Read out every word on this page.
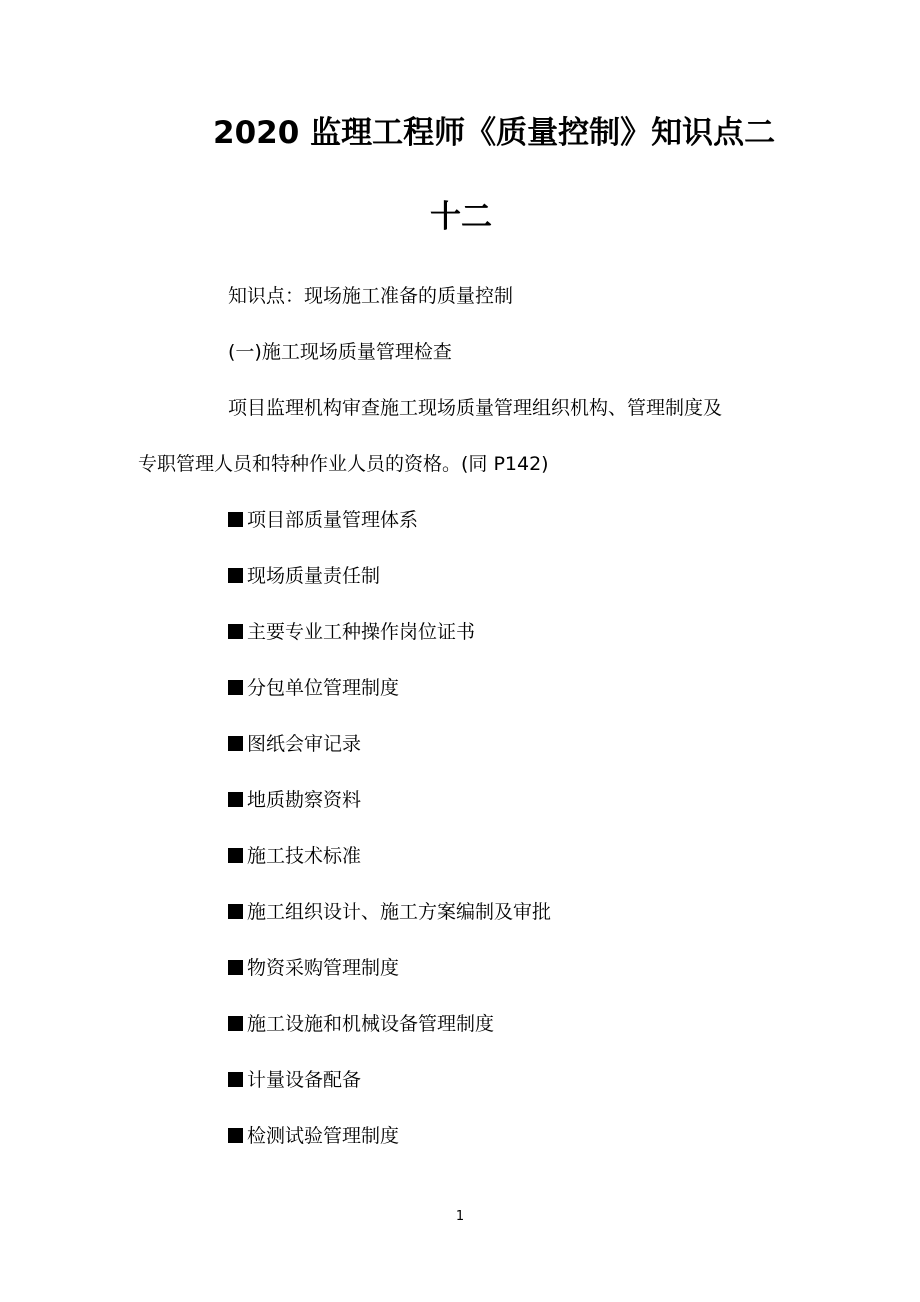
2020 监理工程师《质量控制》知识点二
十二
知识点：现场施工准备的质量控制
(一)施工现场质量管理检查
项目监理机构审查施工现场质量管理组织机构、管理制度及
专职管理人员和特种作业人员的资格。(同 P142)
项目部质量管理体系
现场质量责任制
主要专业工种操作岗位证书
分包单位管理制度
图纸会审记录
地质勘察资料
施工技术标准
施工组织设计、施工方案编制及审批
物资采购管理制度
施工设施和机械设备管理制度
计量设备配备
检测试验管理制度
1
